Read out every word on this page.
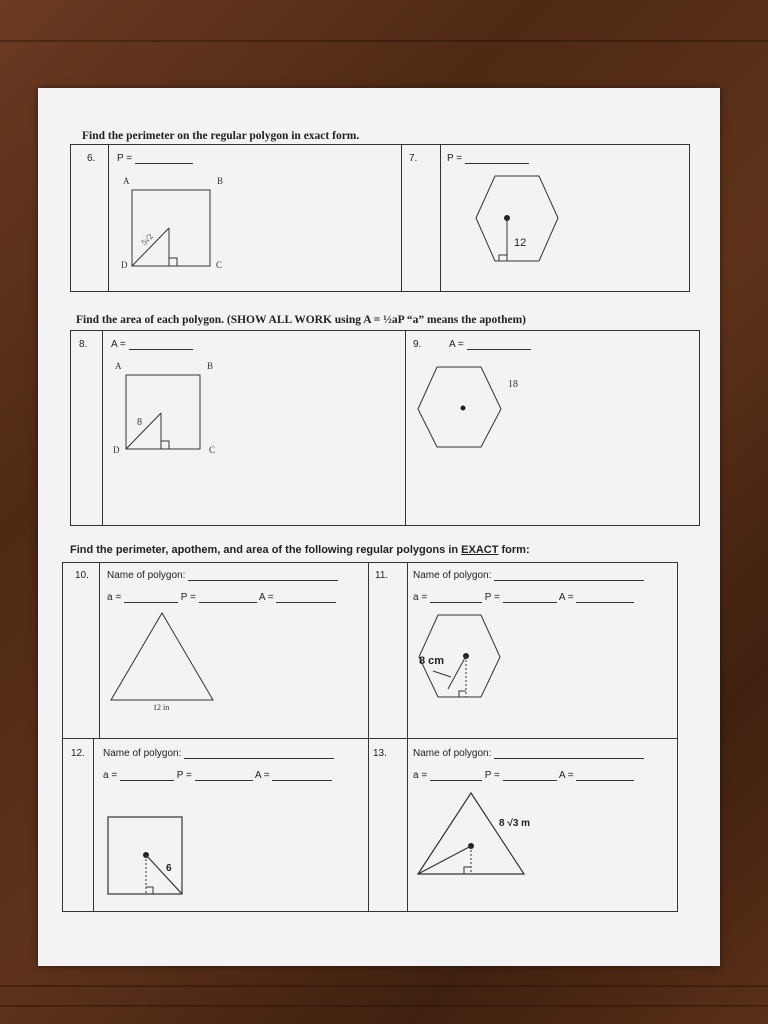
Find the perimeter on the regular polygon in exact form.
6. P =
A	B
C
D
5√2
7.	P =
12
Find the area of each polygon. (SHOW ALL WORK using A = ½aP “a” means the apothem)
8. A =
A	B
C
D
8
9.	A =
18
Find the perimeter, apothem, and area of the following regular polygons in EXACT form:
10. Name of polygon:
a =	P =	A =
12 in
11. Name of polygon:
a =	P =	A =
8 cm
12. Name of polygon:
a =	P =	A =
6
13.	Name of polygon:
a =	P =	A =
8 √3 m
